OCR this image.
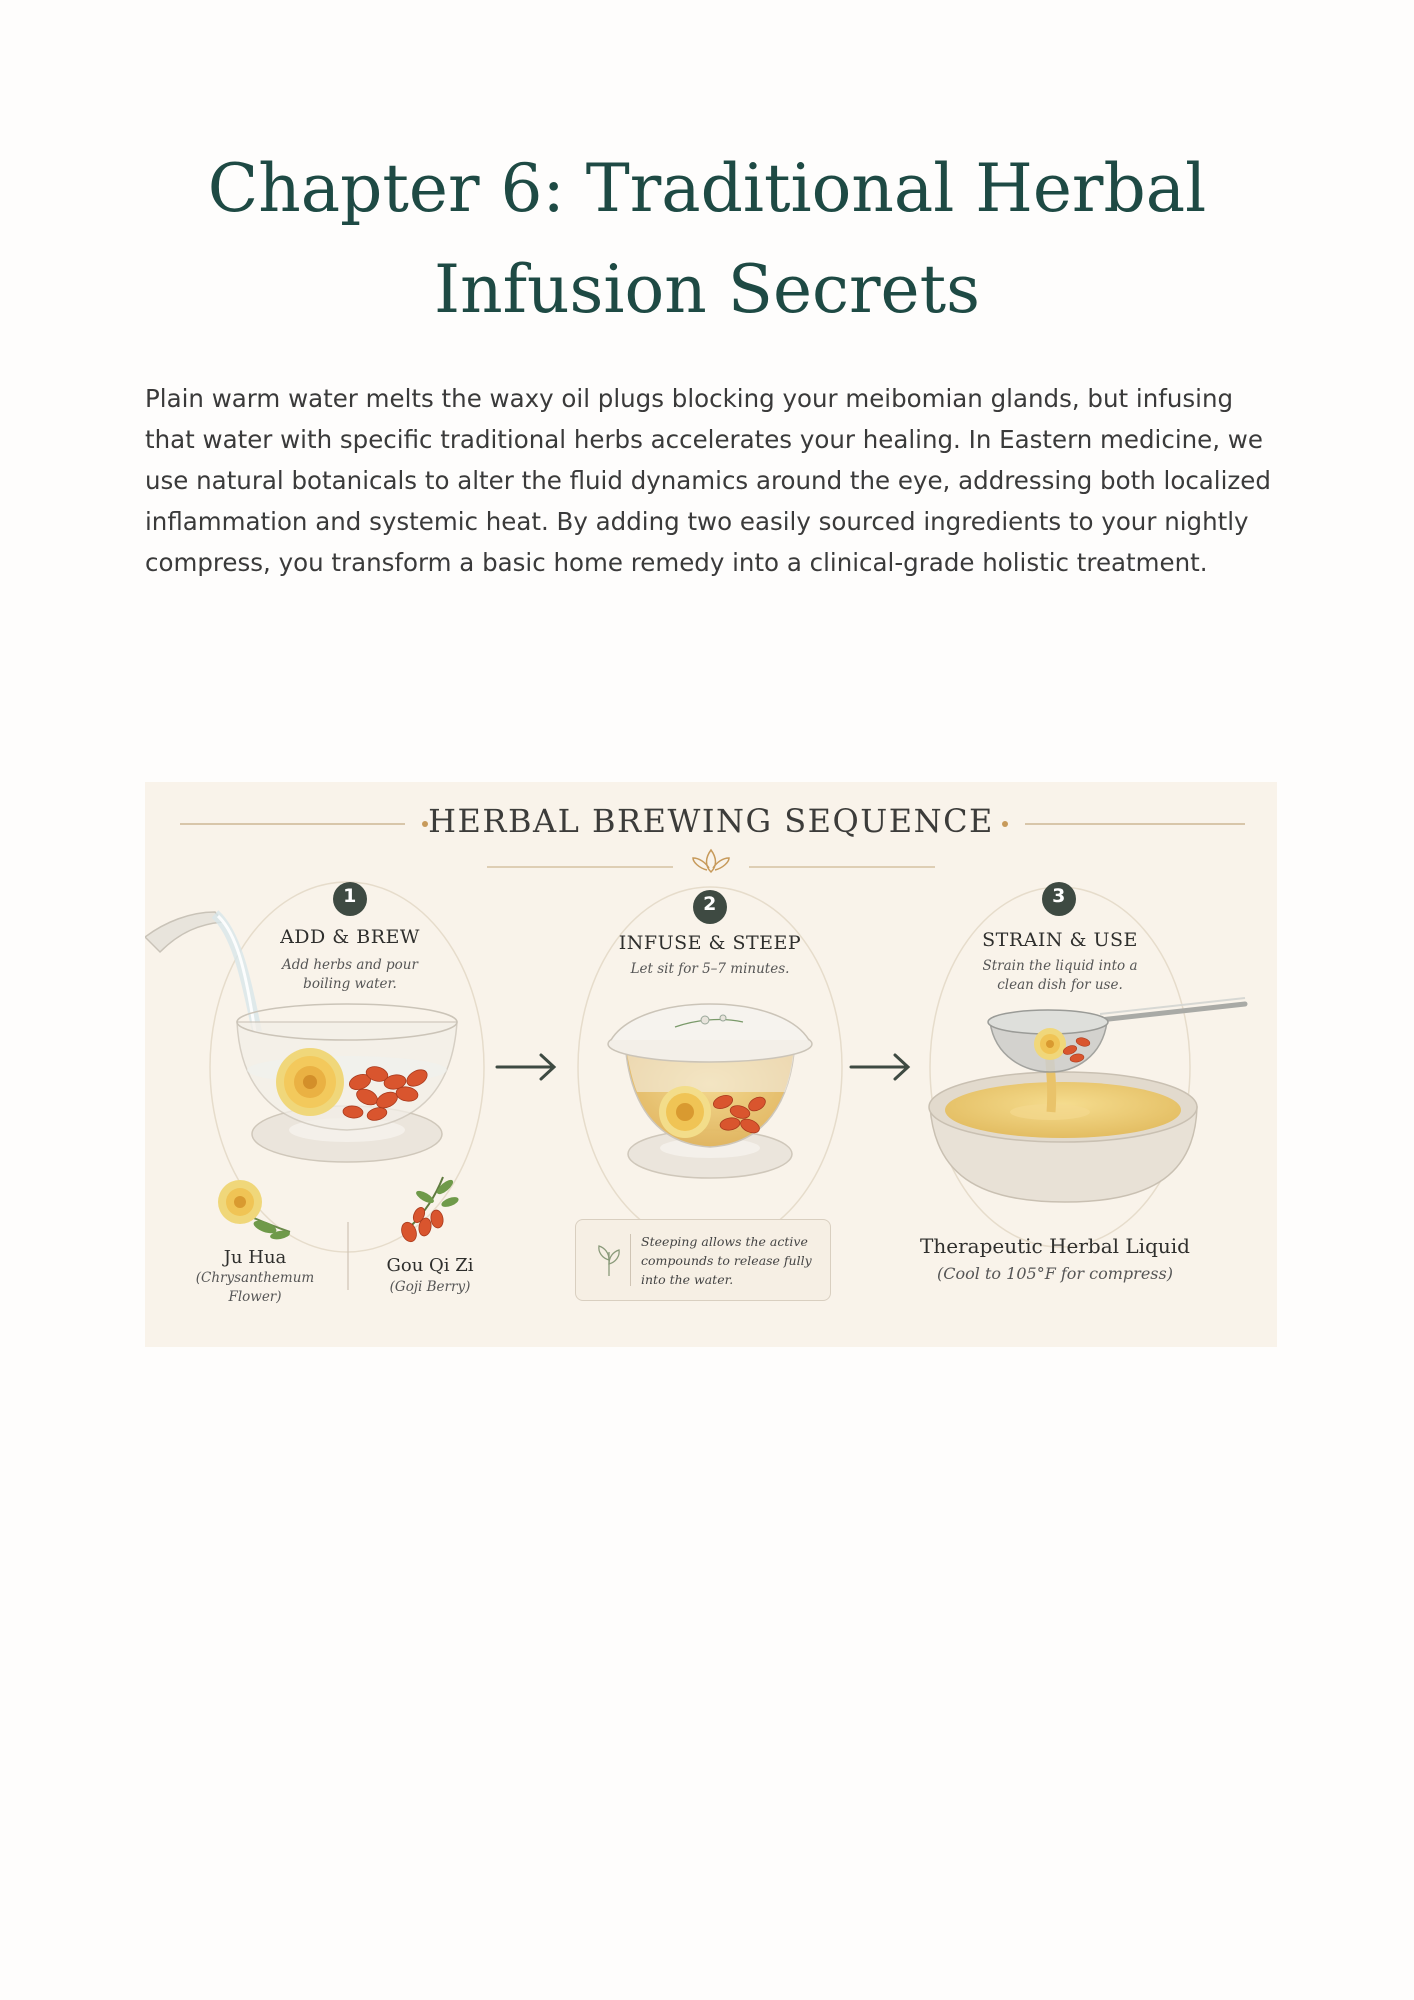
Chapter 6: Traditional Herbal Infusion Secrets

Plain warm water melts the waxy oil plugs blocking your meibomian glands, but infusing that water with specific traditional herbs accelerates your healing. In Eastern medicine, we use natural botanicals to alter the fluid dynamics around the eye, addressing both localized inflammation and systemic heat. By adding two easily sourced ingredients to your nightly compress, you transform a basic home remedy into a clinical-grade holistic treatment.

HERBAL BREWING SEQUENCE
1	2	3
ADD & BREW
Add herbs and pour boiling water.
INFUSE & STEEP
Let sit for 5–7 minutes.
STRAIN & USE
Strain the liquid into a clean dish for use.
Ju Hua
(Chrysanthemum Flower)
Gou Qi Zi
(Goji Berry)
Steeping allows the active compounds to release fully into the water.
Therapeutic Herbal Liquid
(Cool to 105°F for compress)
